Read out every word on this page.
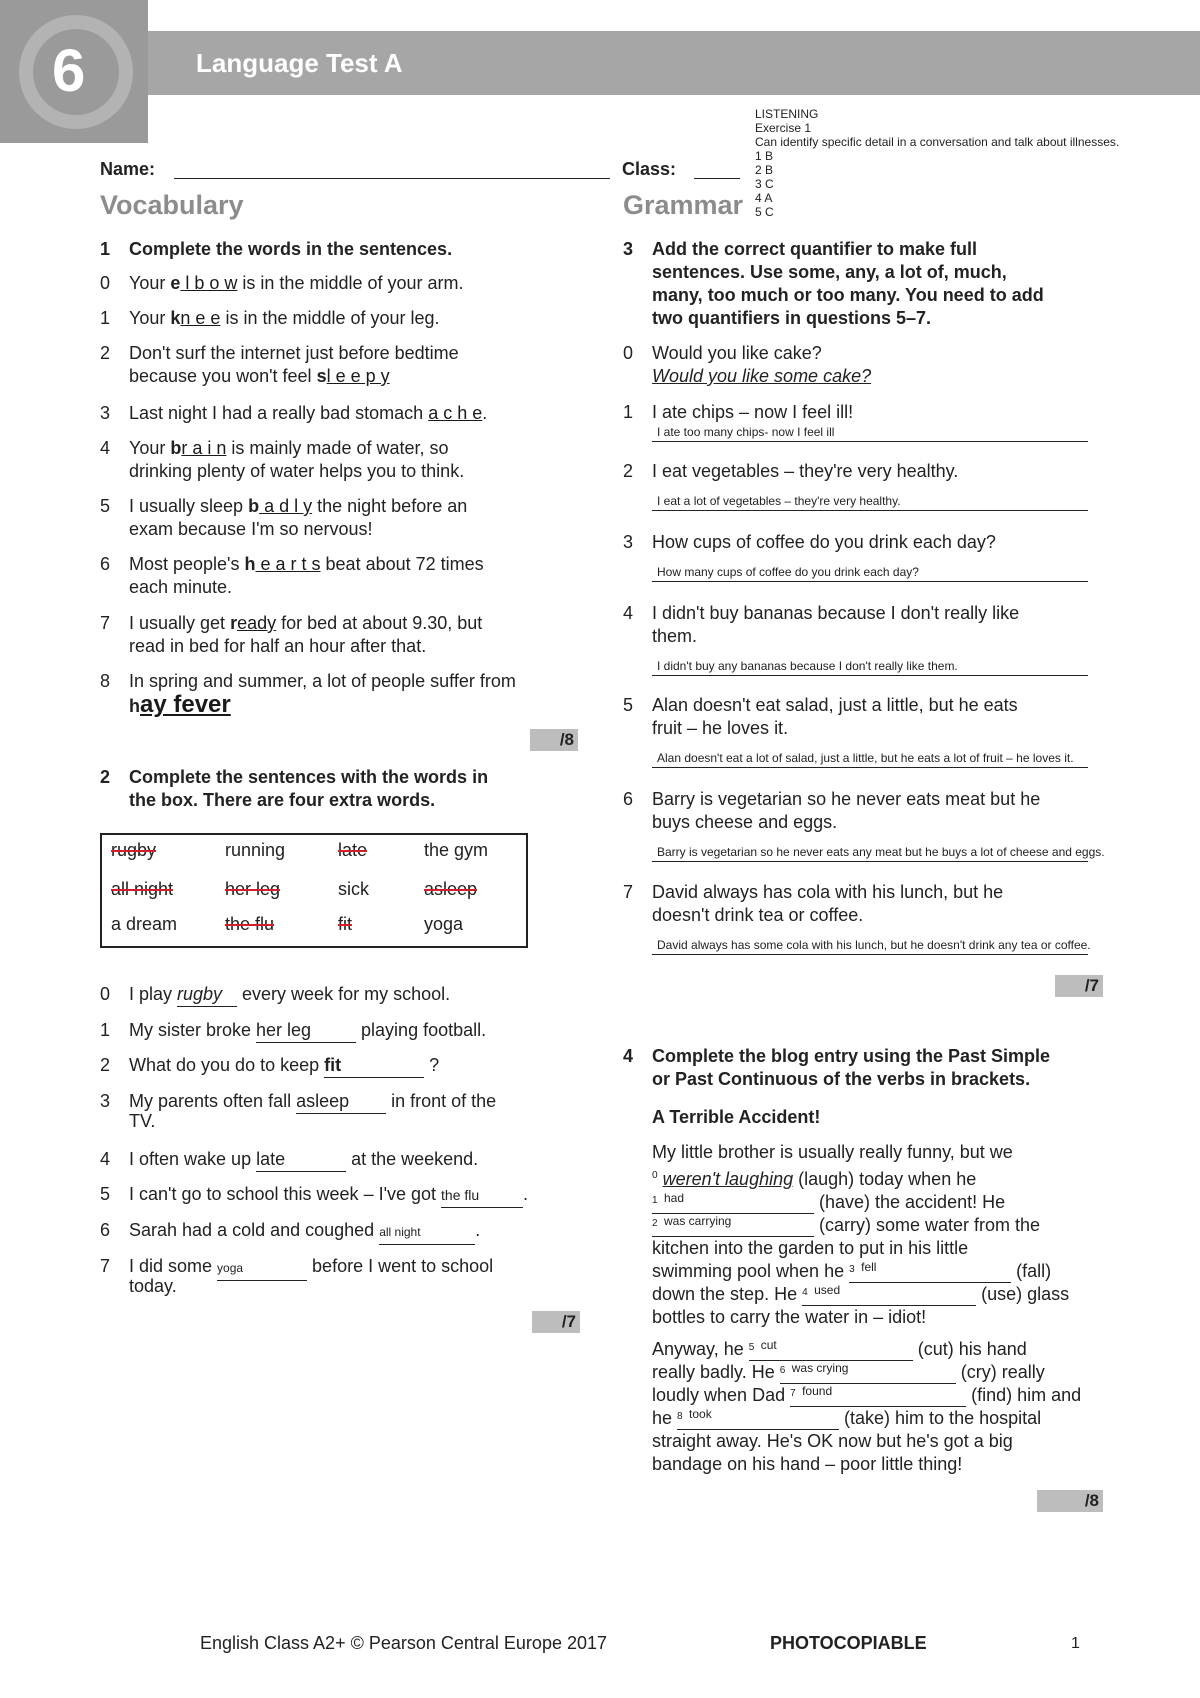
6	Language Test A
LISTENING
Exercise 1
Can identify specific detail in a conversation and talk about illnesses.
1 B
2 B
3 C
4 A
5 C
Name:	Class:
Vocabulary	Grammar
1 Complete the words in the sentences.
0 Your e l b o w is in the middle of your arm.
1 Your kn e e is in the middle of your leg.
2 Don't surf the internet just before bedtime
because you won't feel sl e e p y
3 Last night I had a really bad stomach a c h e.
4 Your br a i n is mainly made of water, so
drinking plenty of water helps you to think.
5 I usually sleep b a d l y the night before an
exam because I'm so nervous!
6 Most people's h e a r t s beat about 72 times
each minute.
7 I usually get ready for bed at about 9.30, but
read in bed for half an hour after that.
8 In spring and summer, a lot of people suffer from
hay fever
/8
2 Complete the sentences with the words in
the box. There are four extra words.
rugby	running	late	the gym
all night	her leg	sick	asleep
a dream	the flu	fit	yoga
0 I play rugby every week for my school.
1 My sister broke her leg playing football.
2 What do you do to keep fit	?
3 My parents often fall asleep in front of the
TV.
4 I often wake up late	at the weekend.
5 I can't go to school this week – I've got the flu .
6 Sarah had a cold and coughed all night	.
7 I did some yoga	before I went to school
today.
/7
3 Add the correct quantifier to make full
sentences. Use some, any, a lot of, much,
many, too much or too many. You need to add
two quantifiers in questions 5–7.
0 Would you like cake?
Would you like some cake?
1 I ate chips – now I feel ill!
I ate too many chips- now I feel ill
2 I eat vegetables – they're very healthy.
I eat a lot of vegetables – they're very healthy.
3 How cups of coffee do you drink each day?
How many cups of coffee do you drink each day?
4 I didn't buy bananas because I don't really like
them.
I didn't buy any bananas because I don't really like them.
5 Alan doesn't eat salad, just a little, but he eats
fruit – he loves it.
Alan doesn't eat a lot of salad, just a little, but he eats a lot of fruit – he loves it.
6 Barry is vegetarian so he never eats meat but he
buys cheese and eggs.
Barry is vegetarian so he never eats any meat but he buys a lot of cheese and eggs.
7 David always has cola with his lunch, but he
doesn't drink tea or coffee.
David always has some cola with his lunch, but he doesn't drink any tea or coffee.
/7
4 Complete the blog entry using the Past Simple
or Past Continuous of the verbs in brackets.
A Terrible Accident!
My little brother is usually really funny, but we
$^0$ weren't laughing (laugh) today when he
1 had	(have) the accident! He
2 was carrying	(carry) some water from the
kitchen into the garden to put in his little
swimming pool when he 3 fell	(fall)
down the step. He 4 used	(use) glass
bottles to carry the water in – idiot!
Anyway, he 5 cut	(cut) his hand
really badly. He 6 was crying	(cry) really
loudly when Dad 7 found	(find) him and
he 8 took	(take) him to the hospital
straight away. He's OK now but he's got a big
bandage on his hand – poor little thing!
/8
English Class A2+ © Pearson Central Europe 2017	PHOTOCOPIABLE	1
